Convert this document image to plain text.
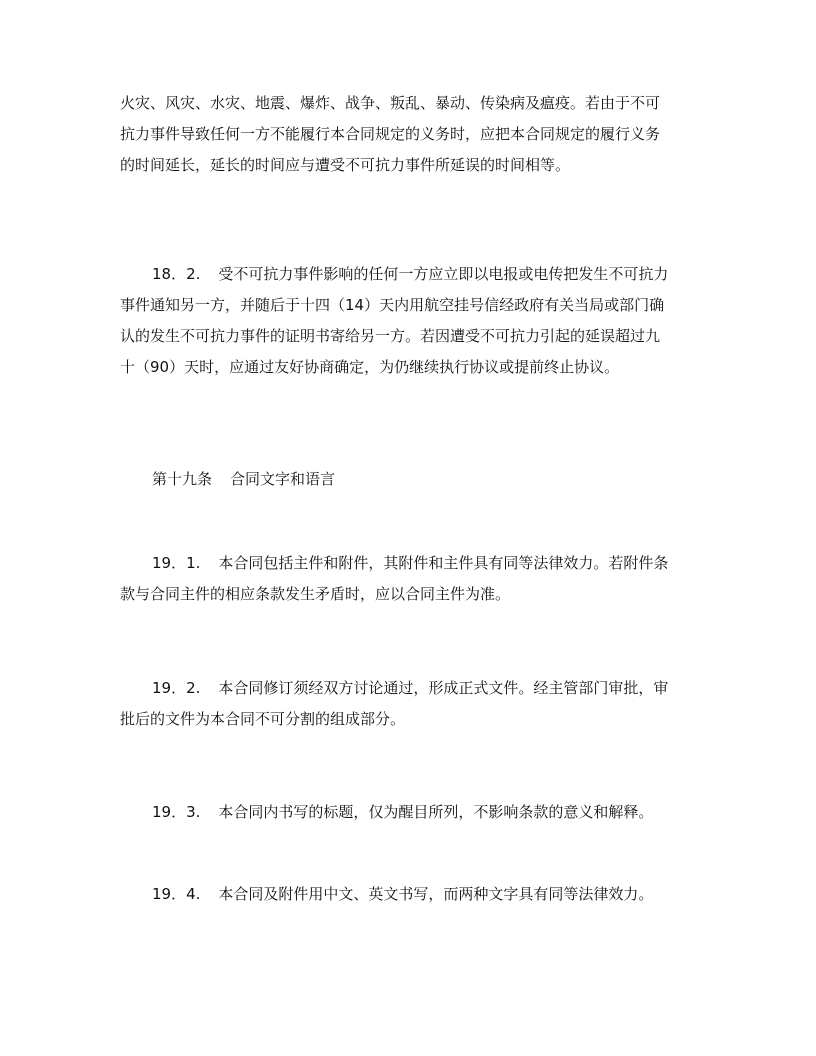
火灾、风灾、水灾、地震、爆炸、战争、叛乱、暴动、传染病及瘟疫。若由于不可
抗力事件导致任何一方不能履行本合同规定的义务时，应把本合同规定的履行义务
的时间延长，延长的时间应与遭受不可抗力事件所延误的时间相等。
18．2. 受不可抗力事件影响的任何一方应立即以电报或电传把发生不可抗力
事件通知另一方，并随后于十四（14）天内用航空挂号信经政府有关当局或部门确
认的发生不可抗力事件的证明书寄给另一方。若因遭受不可抗力引起的延误超过九
十（90）天时，应通过友好协商确定，为仍继续执行协议或提前终止协议。
第十九条 合同文字和语言
19．1. 本合同包括主件和附件，其附件和主件具有同等法律效力。若附件条
款与合同主件的相应条款发生矛盾时，应以合同主件为准。
19．2. 本合同修订须经双方讨论通过，形成正式文件。经主管部门审批，审
批后的文件为本合同不可分割的组成部分。
19．3. 本合同内书写的标题，仅为醒目所列，不影响条款的意义和解释。
19．4. 本合同及附件用中文、英文书写，而两种文字具有同等法律效力。
